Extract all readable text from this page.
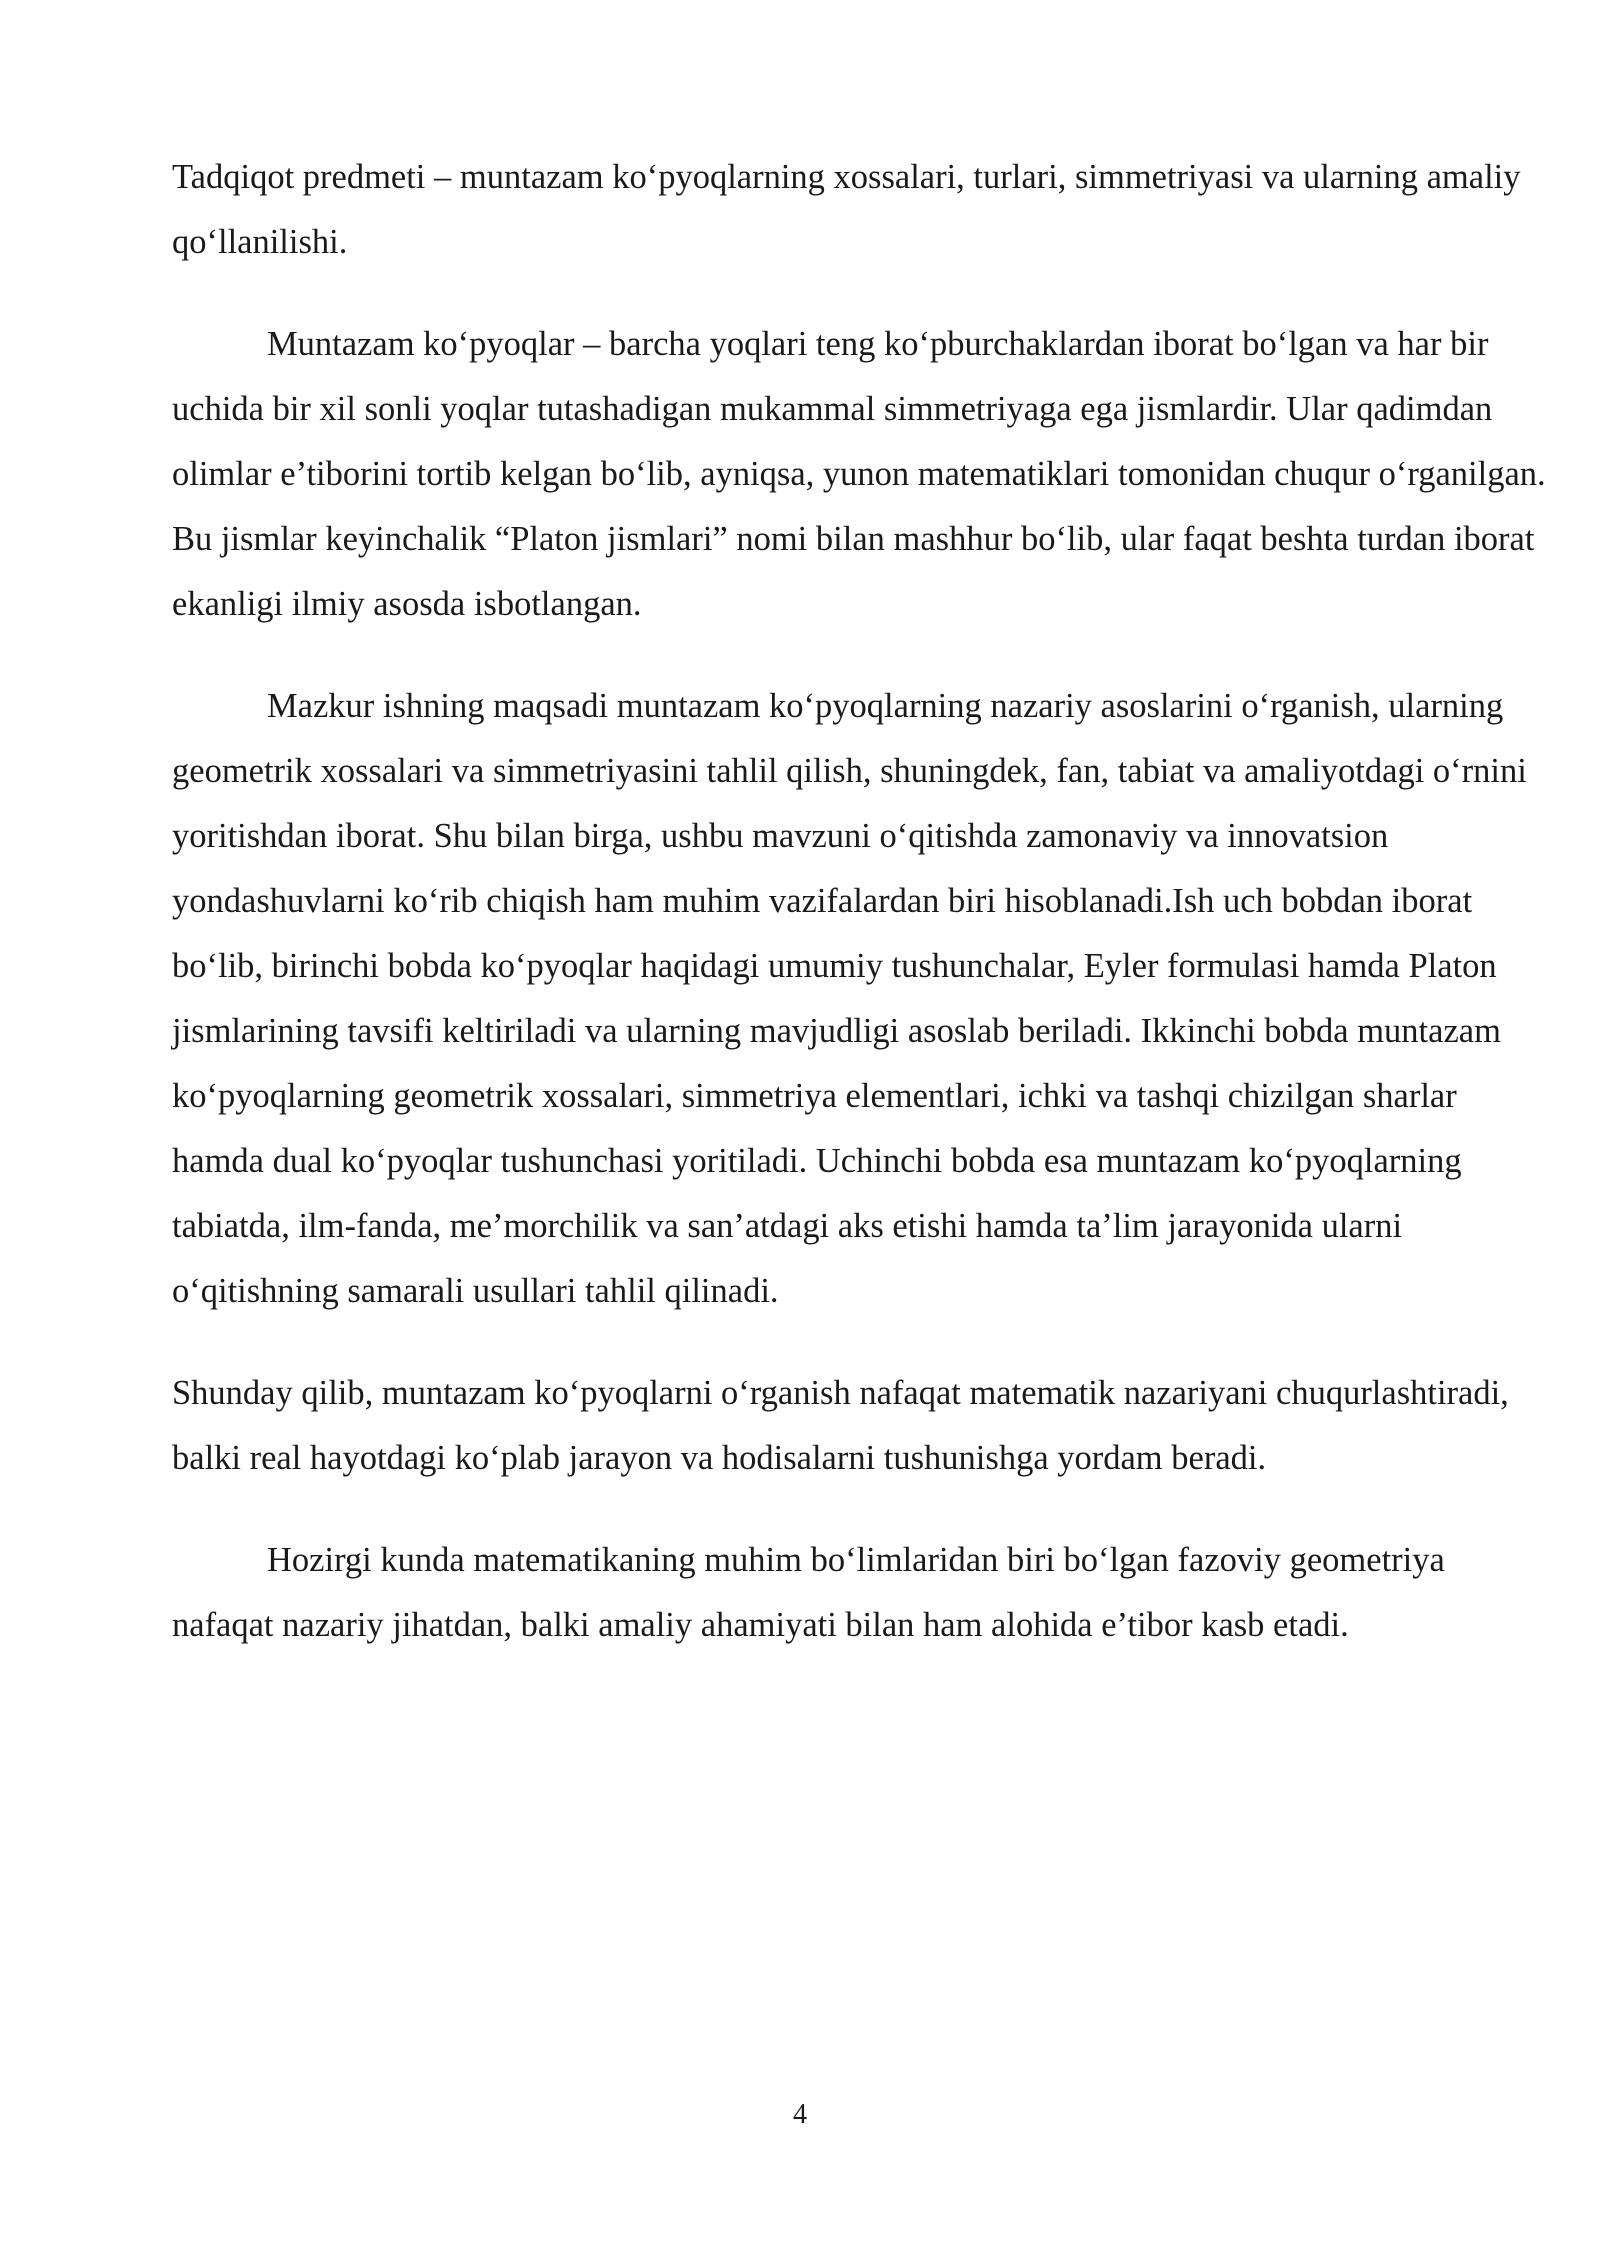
Tadqiqot predmeti – muntazam ko‘pyoqlarning xossalari, turlari, simmetriyasi va ularning amaliy qo‘llanilishi.

Muntazam ko‘pyoqlar – barcha yoqlari teng ko‘pburchaklardan iborat bo‘lgan va har bir uchida bir xil sonli yoqlar tutashadigan mukammal simmetriyaga ega jismlardir. Ular qadimdan olimlar e’tiborini tortib kelgan bo‘lib, ayniqsa, yunon matematiklari tomonidan chuqur o‘rganilgan. Bu jismlar keyinchalik “Platon jismlari” nomi bilan mashhur bo‘lib, ular faqat beshta turdan iborat ekanligi ilmiy asosda isbotlangan.

Mazkur ishning maqsadi muntazam ko‘pyoqlarning nazariy asoslarini o‘rganish, ularning geometrik xossalari va simmetriyasini tahlil qilish, shuningdek, fan, tabiat va amaliyotdagi o‘rnini yoritishdan iborat. Shu bilan birga, ushbu mavzuni o‘qitishda zamonaviy va innovatsion yondashuvlarni ko‘rib chiqish ham muhim vazifalardan biri hisoblanadi.Ish uch bobdan iborat bo‘lib, birinchi bobda ko‘pyoqlar haqidagi umumiy tushunchalar, Eyler formulasi hamda Platon jismlarining tavsifi keltiriladi va ularning mavjudligi asoslab beriladi. Ikkinchi bobda muntazam ko‘pyoqlarning geometrik xossalari, simmetriya elementlari, ichki va tashqi chizilgan sharlar hamda dual ko‘pyoqlar tushunchasi yoritiladi. Uchinchi bobda esa muntazam ko‘pyoqlarning tabiatda, ilm-fanda, me’morchilik va san’atdagi aks etishi hamda ta’lim jarayonida ularni o‘qitishning samarali usullari tahlil qilinadi.

Shunday qilib, muntazam ko‘pyoqlarni o‘rganish nafaqat matematik nazariyani chuqurlashtiradi, balki real hayotdagi ko‘plab jarayon va hodisalarni tushunishga yordam beradi.

Hozirgi kunda matematikaning muhim bo‘limlaridan biri bo‘lgan fazoviy geometriya nafaqat nazariy jihatdan, balki amaliy ahamiyati bilan ham alohida e’tibor kasb etadi.

4
